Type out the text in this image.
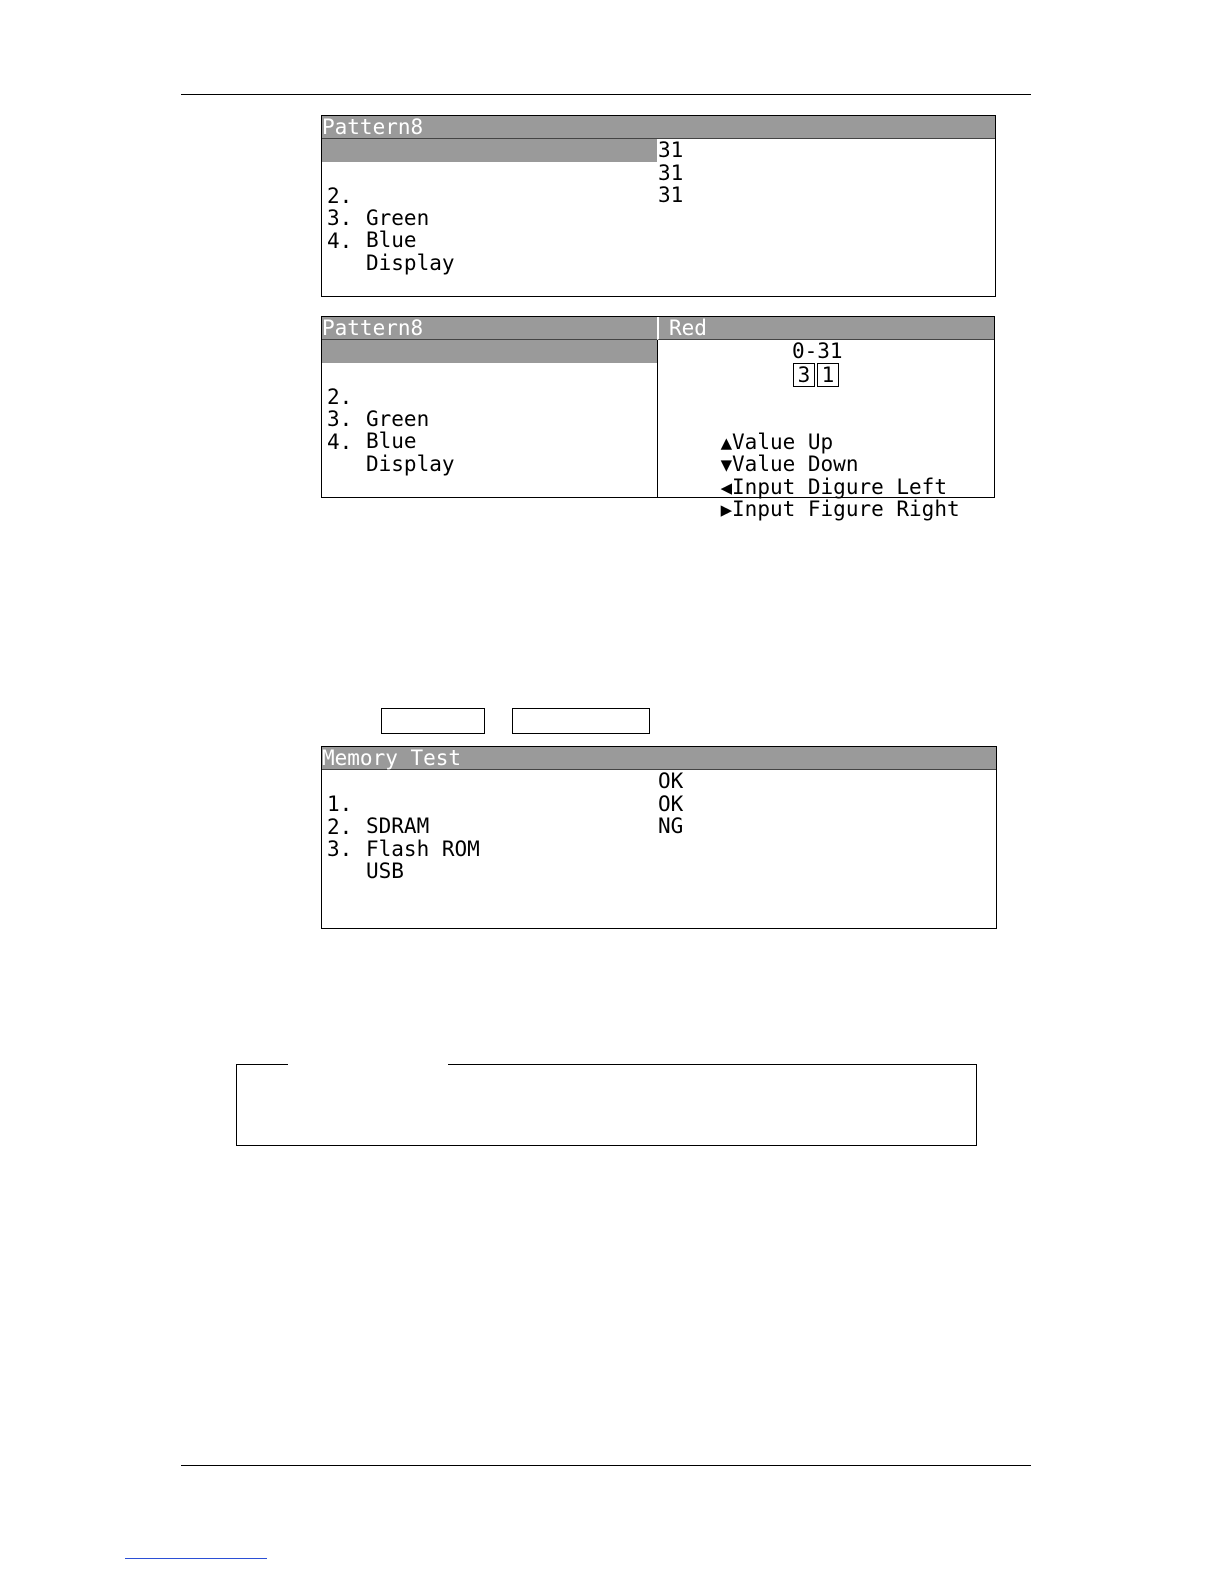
Pattern8

1.

Red

31

2.

Green

31

3.

Blue

31

4.

Display

Pattern8	Red

1.

Red

2.

Green

3.

Blue

4.

Display

0-31
3 1

▲Value Up

▼Value Down

◀Input Digure Left

▶Input Figure Right

Memory Test

1.

SDRAM

OK

2.

Flash ROM

OK

3.

USB

NG
